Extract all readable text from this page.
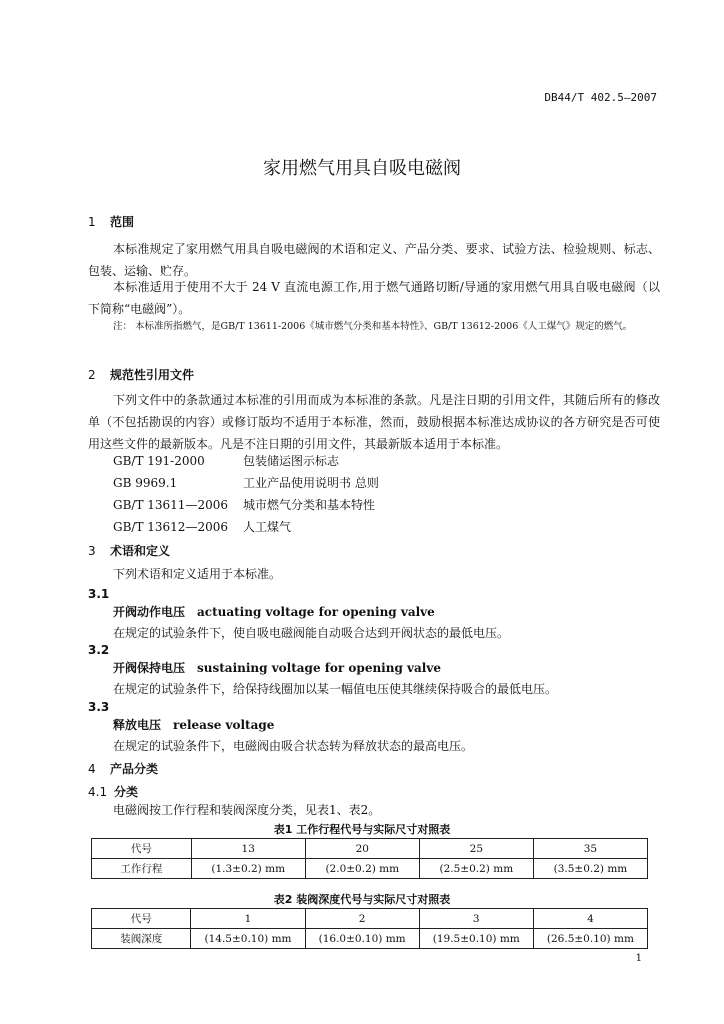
DB44/T 402.5—2007
家用燃气用具自吸电磁阀
1 范围
本标准规定了家用燃气用具自吸电磁阀的术语和定义、产品分类、要求、试验方法、检验规则、标志、包装、运输、贮存。
本标准适用于使用不大于 24 V 直流电源工作,用于燃气通路切断/导通的家用燃气用具自吸电磁阀（以下简称“电磁阀”）。
注： 本标准所指燃气，是GB/T 13611-2006《城市燃气分类和基本特性》、GB/T 13612-2006《人工煤气》规定的燃气。
2 规范性引用文件
下列文件中的条款通过本标准的引用而成为本标准的条款。凡是注日期的引用文件，其随后所有的修改单（不包括勘误的内容）或修订版均不适用于本标准，然而，鼓励根据本标准达成协议的各方研究是否可使用这些文件的最新版本。凡是不注日期的引用文件，其最新版本适用于本标准。
GB/T 191-2000	包装储运图示标志
GB 9969.1	工业产品使用说明书 总则
GB/T 13611—2006 城市燃气分类和基本特性
GB/T 13612—2006 人工煤气
3 术语和定义
下列术语和定义适用于本标准。
3.1
开阀动作电压 actuating voltage for opening valve
在规定的试验条件下，使自吸电磁阀能自动吸合达到开阀状态的最低电压。
3.2
开阀保持电压 sustaining voltage for opening valve
在规定的试验条件下，给保持线圈加以某一幅值电压使其继续保持吸合的最低电压。
3.3
释放电压 release voltage
在规定的试验条件下，电磁阀由吸合状态转为释放状态的最高电压。
4 产品分类
4.1 分类
电磁阀按工作行程和装阀深度分类，见表1、表2。
表1 工作行程代号与实际尺寸对照表
代号	13	20	25	35
工作行程	(1.3±0.2) mm	(2.0±0.2) mm	(2.5±0.2) mm	(3.5±0.2) mm
表2 装阀深度代号与实际尺寸对照表
代号	1	2	3	4
装阀深度	(14.5±0.10) mm	(16.0±0.10) mm	(19.5±0.10) mm	(26.5±0.10) mm
1
